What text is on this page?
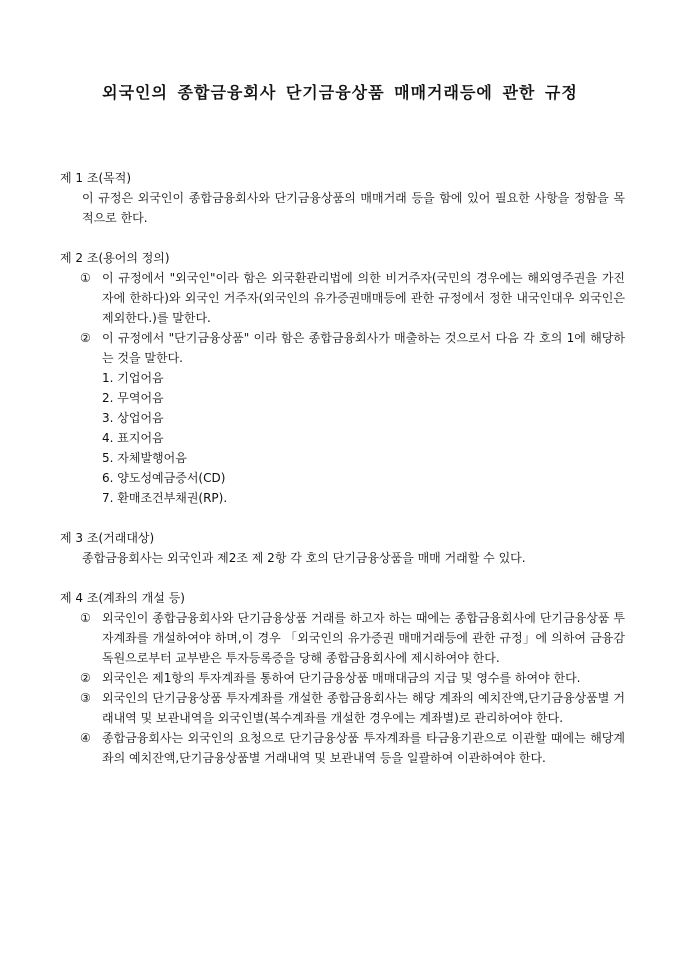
외국인의 종합금융회사 단기금융상품 매매거래등에 관한 규정
제 1 조(목적)
이 규정은 외국인이 종합금융회사와 단기금융상품의 매매거래 등을 함에 있어 필요한 사항을 정함을 목적으로 한다.
제 2 조(용어의 정의)
① 이 규정에서 "외국인"이라 함은 외국환관리법에 의한 비거주자(국민의 경우에는 해외영주권을 가진 자에 한하다)와 외국인 거주자(외국인의 유가증권매매등에 관한 규정에서 정한 내국인대우 외국인은 제외한다.)를 말한다.
② 이 규정에서 "단기금융상품" 이라 함은 종합금융회사가 매출하는 것으로서 다음 각 호의 1에 해당하는 것을 말한다.
1. 기업어음
2. 무역어음
3. 상업어음
4. 표지어음
5. 자체발행어음
6. 양도성예금증서(CD)
7. 환매조건부채권(RP).
제 3 조(거래대상)
종합금융회사는 외국인과 제2조 제 2항 각 호의 단기금융상품을 매매 거래할 수 있다.
제 4 조(계좌의 개설 등)
① 외국인이 종합금융회사와 단기금융상품 거래를 하고자 하는 때에는 종합금융회사에 단기금융상품 투자계좌를 개설하여야 하며,이 경우 「외국인의 유가증권 매매거래등에 관한 규정」에 의하여 금융감독원으로부터 교부받은 투자등록증을 당해 종합금융회사에 제시하여야 한다.
② 외국인은 제1항의 투자계좌를 통하여 단기금융상품 매매대금의 지급 및 영수를 하여야 한다.
③ 외국인의 단기금융상품 투자계좌를 개설한 종합금융회사는 해당 계좌의 예치잔액,단기금융상품별 거래내역 및 보관내역을 외국인별(복수계좌를 개설한 경우에는 계좌별)로 관리하여야 한다.
④ 종합금융회사는 외국인의 요청으로 단기금융상품 투자계좌를 타금융기관으로 이관할 때에는 해당계좌의 예치잔액,단기금융상품별 거래내역 및 보관내역 등을 일괄하여 이관하여야 한다.
